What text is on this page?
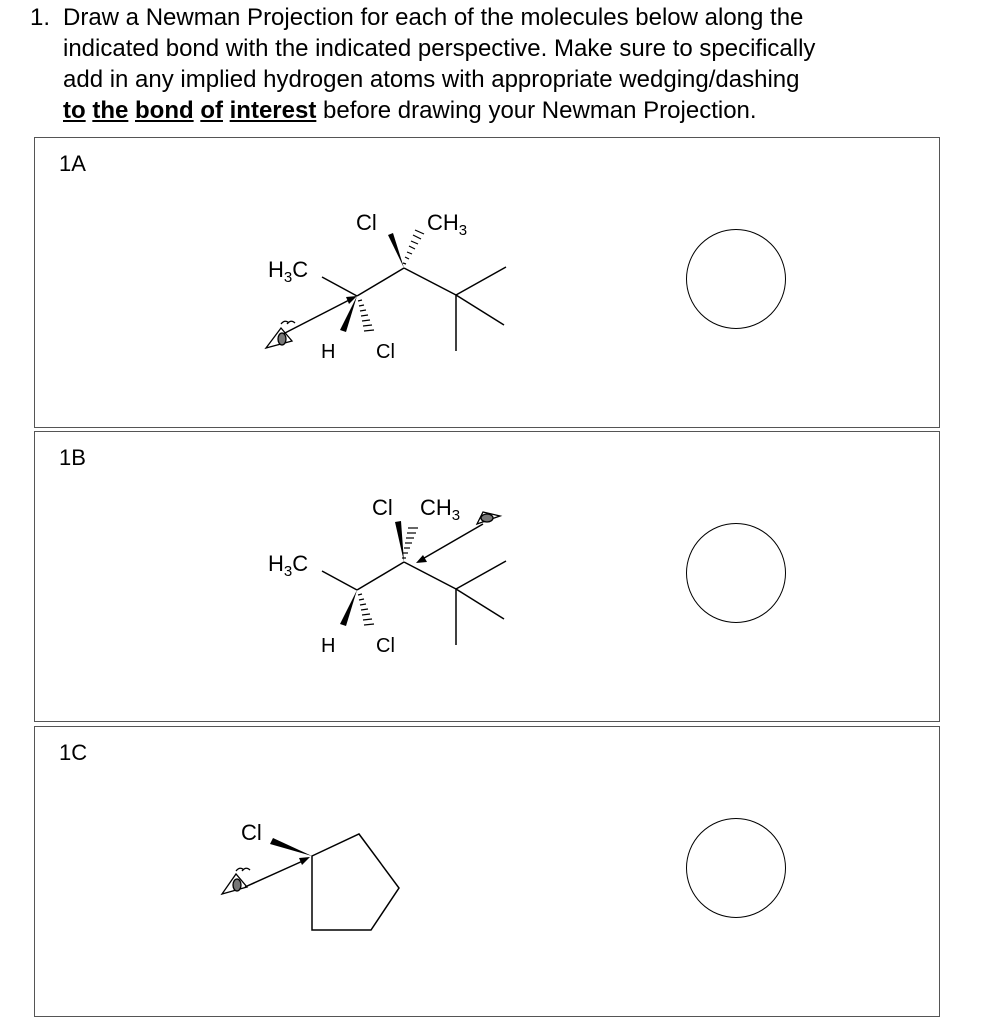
1. Draw a Newman Projection for each of the molecules below along the
indicated bond with the indicated perspective. Make sure to specifically
add in any implied hydrogen atoms with appropriate wedging/dashing
to the bond of interest before drawing your Newman Projection.
1A
$H_3C$
Cl $CH_3$
H Cl
1B
$H_3C$
Cl $CH_3$
H Cl
1C
Cl
